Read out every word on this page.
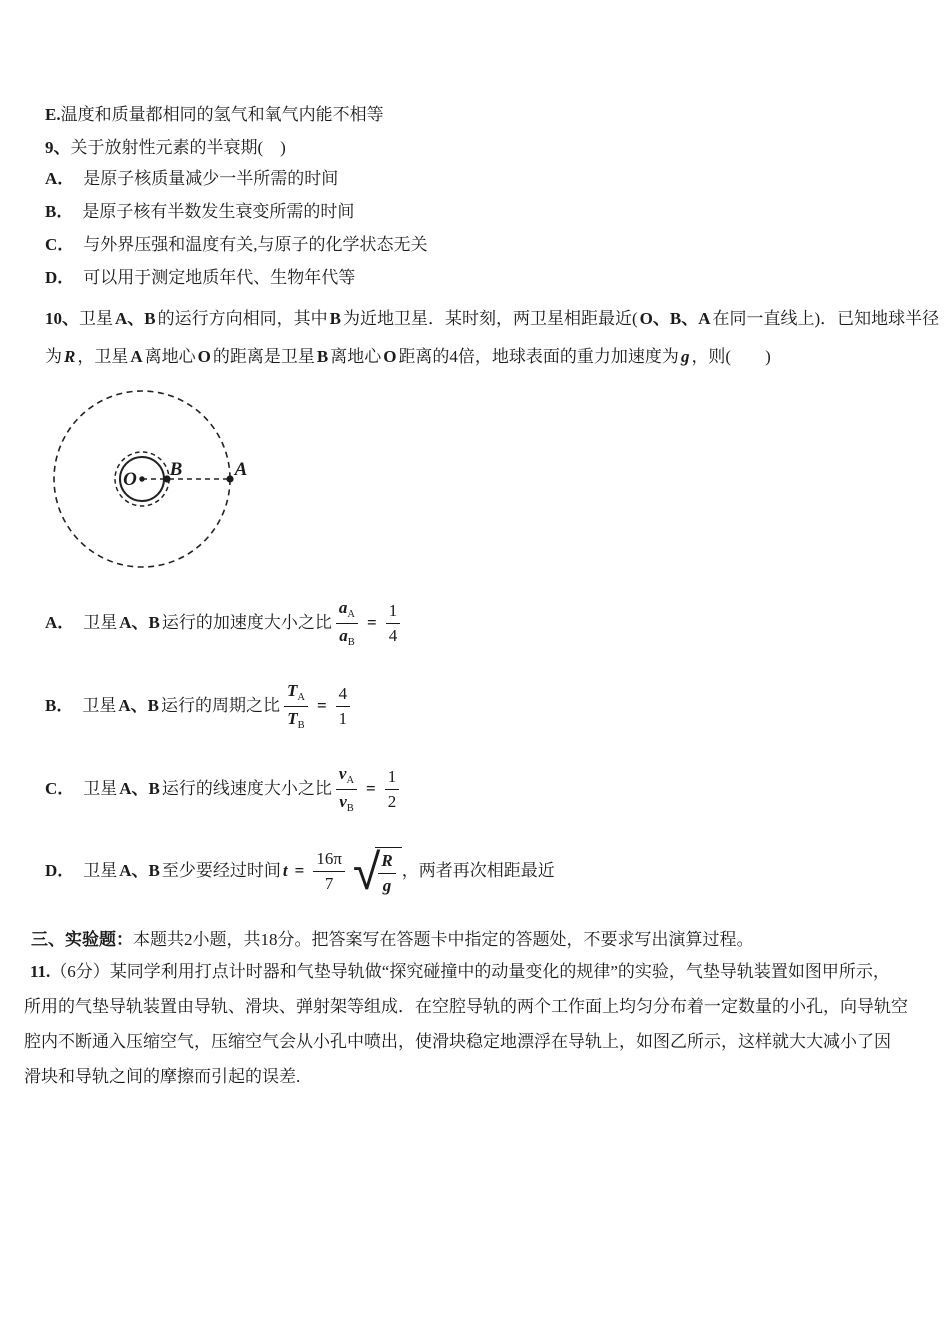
E.温度和质量都相同的氢气和氧气内能不相等
9、关于放射性元素的半衰期(　)
A． 是原子核质量减少一半所需的时间
B． 是原子核有半数发生衰变所需的时间
C． 与外界压强和温度有关,与原子的化学状态无关
D． 可以用于测定地质年代、生物年代等
10、卫星 A、B 的运行方向相同，其中 B 为近地卫星．某时刻，两卫星相距最近( O、B、A 在同一直线上)．已知地球半径
为 R ，卫星 A 离地心 O 的距离是卫星 B 离地心 O 距离的4倍，地球表面的重力加速度为 g ，则(　　)
O B	A
A． 卫星 A、B 运行的加速度大小之比 $\frac{a_A}{a_B} = \frac{1}{4}$
B． 卫星 A、B 运行的周期之比 $\frac{T_A}{T_B} = \frac{4}{1}$
C． 卫星 A、B 运行的线速度大小之比 $\frac{v_A}{v_B} = \frac{1}{2}$
D． 卫星 A、B 至少要经过时间 $t = \frac{16\pi}{7}$ √
$\frac{R}{g}$ ，两者再次相距最近
三、实验题：本题共2小题，共18分。把答案写在答题卡中指定的答题处，不要求写出演算过程。
11.（6分）某同学利用打点计时器和气垫导轨做“探究碰撞中的动量变化的规律”的实验，气垫导轨装置如图甲所示，
所用的气垫导轨装置由导轨、滑块、弹射架等组成．在空腔导轨的两个工作面上均匀分布着一定数量的小孔，向导轨空
腔内不断通入压缩空气，压缩空气会从小孔中喷出，使滑块稳定地漂浮在导轨上，如图乙所示，这样就大大减小了因
滑块和导轨之间的摩擦而引起的误差.
